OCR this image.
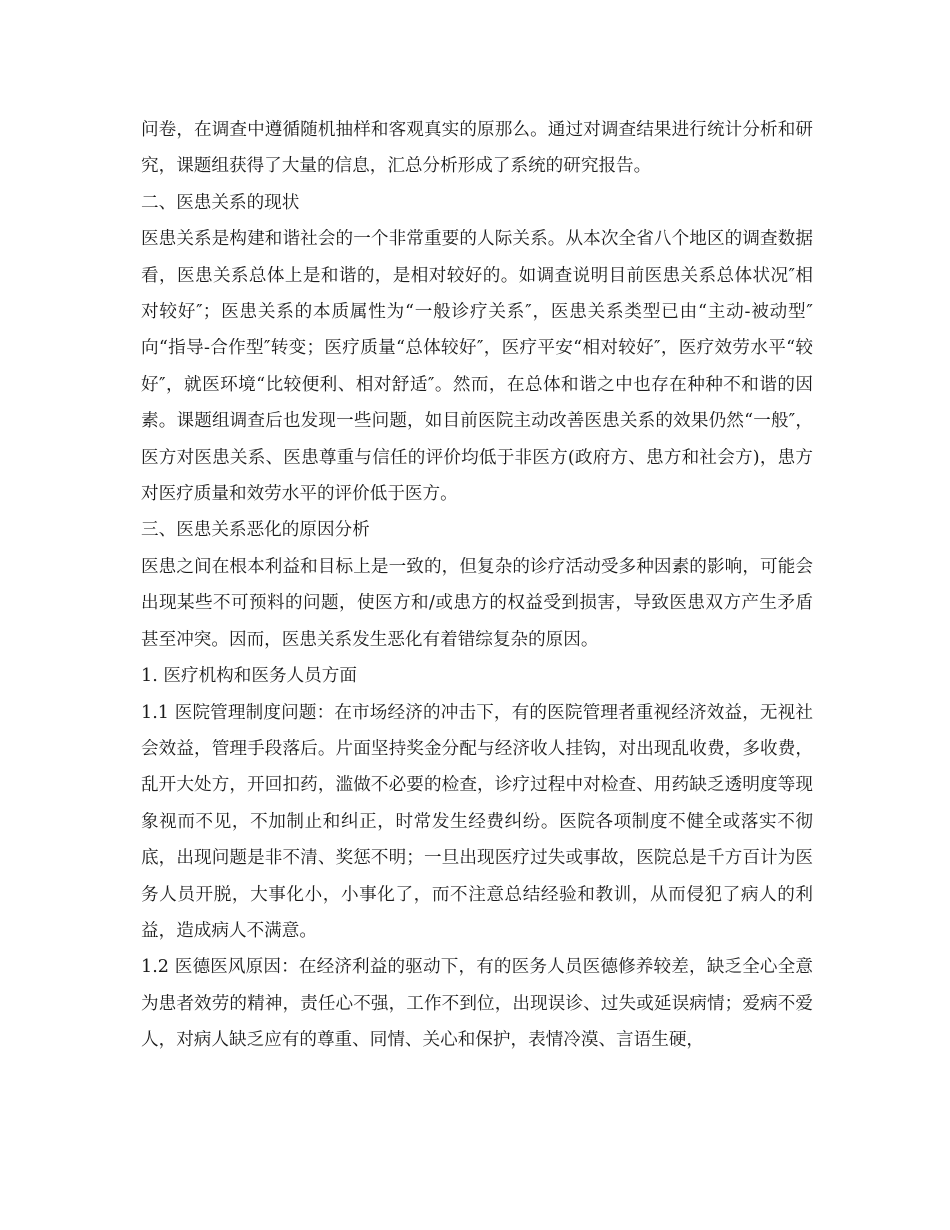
问卷，在调查中遵循随机抽样和客观真实的原那么。通过对调查结果进行统计分析和研究，课题组获得了大量的信息，汇总分析形成了系统的研究报告。

二、医患关系的现状

医患关系是构建和谐社会的一个非常重要的人际关系。从本次全省八个地区的调查数据看，医患关系总体上是和谐的，是相对较好的。如调查说明目前医患关系总体状况″相对较好″；医患关系的本质属性为“一般诊疗关系″，医患关系类型已由“主动-被动型″向“指导-合作型″转变；医疗质量“总体较好″，医疗平安“相对较好″，医疗效劳水平“较好″，就医环境“比较便利、相对舒适″。然而，在总体和谐之中也存在种种不和谐的因素。课题组调查后也发现一些问题，如目前医院主动改善医患关系的效果仍然“一般″，医方对医患关系、医患尊重与信任的评价均低于非医方(政府方、患方和社会方)，患方对医疗质量和效劳水平的评价低于医方。

三、医患关系恶化的原因分析

医患之间在根本利益和目标上是一致的，但复杂的诊疗活动受多种因素的影响，可能会出现某些不可预料的问题，使医方和/或患方的权益受到损害，导致医患双方产生矛盾甚至冲突。因而，医患关系发生恶化有着错综复杂的原因。

1. 医疗机构和医务人员方面

1.1 医院管理制度问题：在市场经济的冲击下，有的医院管理者重视经济效益，无视社会效益，管理手段落后。片面坚持奖金分配与经济收人挂钩，对出现乱收费，多收费，乱开大处方，开回扣药，滥做不必要的检查，诊疗过程中对检查、用药缺乏透明度等现象视而不见，不加制止和纠正，时常发生经费纠纷。医院各项制度不健全或落实不彻底，出现问题是非不清、奖惩不明；一旦出现医疗过失或事故，医院总是千方百计为医务人员开脱，大事化小，小事化了，而不注意总结经验和教训，从而侵犯了病人的利益，造成病人不满意。

1.2 医德医风原因：在经济利益的驱动下，有的医务人员医德修养较差，缺乏全心全意为患者效劳的精神，责任心不强，工作不到位，出现误诊、过失或延误病情；爱病不爱人，对病人缺乏应有的尊重、同情、关心和保护，表情冷漠、言语生硬，
